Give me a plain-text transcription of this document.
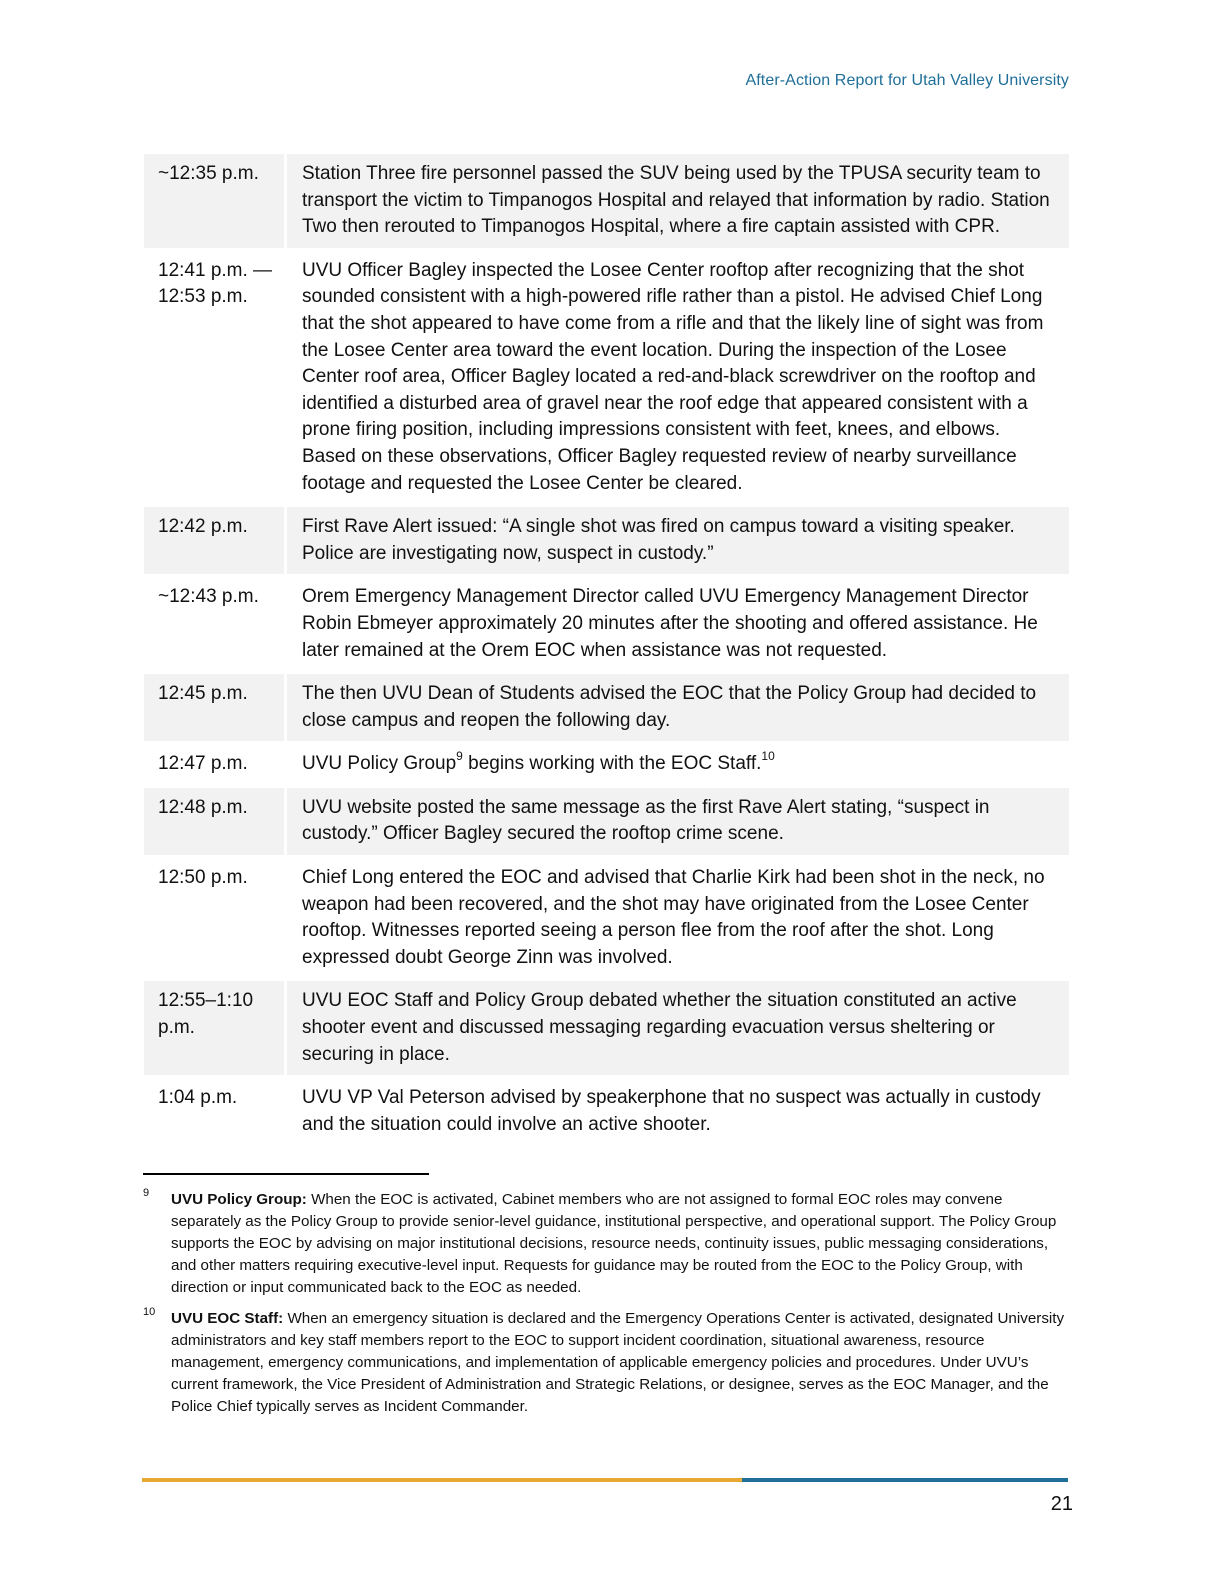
After-Action Report for Utah Valley University
~12:35 p.m.	Station Three fire personnel passed the SUV being used by the TPUSA security team to transport the victim to Timpanogos Hospital and relayed that information by radio. Station Two then rerouted to Timpanogos Hospital, where a fire captain assisted with CPR.
12:41 p.m. — 12:53 p.m.	UVU Officer Bagley inspected the Losee Center rooftop after recognizing that the shot sounded consistent with a high-powered rifle rather than a pistol. He advised Chief Long that the shot appeared to have come from a rifle and that the likely line of sight was from the Losee Center area toward the event location. During the inspection of the Losee Center roof area, Officer Bagley located a red-and-black screwdriver on the rooftop and identified a disturbed area of gravel near the roof edge that appeared consistent with a prone firing position, including impressions consistent with feet, knees, and elbows. Based on these observations, Officer Bagley requested review of nearby surveillance footage and requested the Losee Center be cleared.
12:42 p.m.	First Rave Alert issued: “A single shot was fired on campus toward a visiting speaker. Police are investigating now, suspect in custody.”
~12:43 p.m.	Orem Emergency Management Director called UVU Emergency Management Director Robin Ebmeyer approximately 20 minutes after the shooting and offered assistance. He later remained at the Orem EOC when assistance was not requested.
12:45 p.m.	The then UVU Dean of Students advised the EOC that the Policy Group had decided to close campus and reopen the following day.
12:47 p.m.	UVU Policy Group$^9$ begins working with the EOC Staff.$^{10}$
12:48 p.m.	UVU website posted the same message as the first Rave Alert stating, “suspect in custody.” Officer Bagley secured the rooftop crime scene.
12:50 p.m.	Chief Long entered the EOC and advised that Charlie Kirk had been shot in the neck, no weapon had been recovered, and the shot may have originated from the Losee Center rooftop. Witnesses reported seeing a person flee from the roof after the shot. Long expressed doubt George Zinn was involved.
12:55–1:10 p.m.	UVU EOC Staff and Policy Group debated whether the situation constituted an active shooter event and discussed messaging regarding evacuation versus sheltering or securing in place.
1:04 p.m.	UVU VP Val Peterson advised by speakerphone that no suspect was actually in custody and the situation could involve an active shooter.
9 UVU Policy Group: When the EOC is activated, Cabinet members who are not assigned to formal EOC roles may convene separately as the Policy Group to provide senior-level guidance, institutional perspective, and operational support. The Policy Group supports the EOC by advising on major institutional decisions, resource needs, continuity issues, public messaging considerations, and other matters requiring executive-level input. Requests for guidance may be routed from the EOC to the Policy Group, with direction or input communicated back to the EOC as needed.
10 UVU EOC Staff: When an emergency situation is declared and the Emergency Operations Center is activated, designated University administrators and key staff members report to the EOC to support incident coordination, situational awareness, resource management, emergency communications, and implementation of applicable emergency policies and procedures. Under UVU’s current framework, the Vice President of Administration and Strategic Relations, or designee, serves as the EOC Manager, and the Police Chief typically serves as Incident Commander.
21
